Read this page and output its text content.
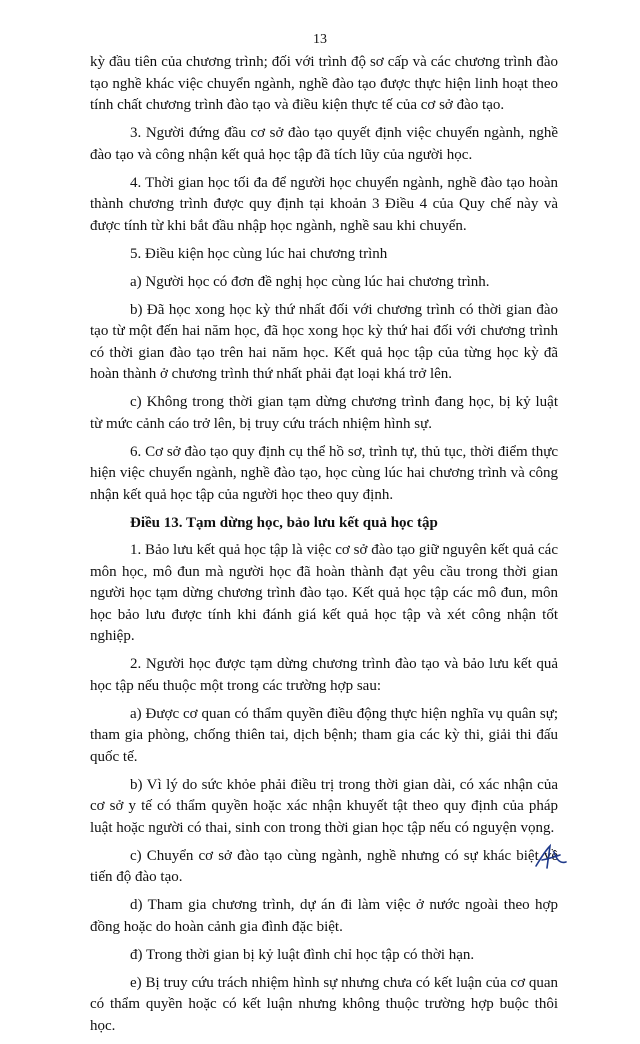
13

kỳ đầu tiên của chương trình; đối với trình độ sơ cấp và các chương trình đào tạo nghề khác việc chuyển ngành, nghề đào tạo được thực hiện linh hoạt theo tính chất chương trình đào tạo và điều kiện thực tế của cơ sở đào tạo.

3. Người đứng đầu cơ sở đào tạo quyết định việc chuyển ngành, nghề đào tạo và công nhận kết quả học tập đã tích lũy của người học.

4. Thời gian học tối đa để người học chuyển ngành, nghề đào tạo hoàn thành chương trình được quy định tại khoản 3 Điều 4 của Quy chế này và được tính từ khi bắt đầu nhập học ngành, nghề sau khi chuyển.

5. Điều kiện học cùng lúc hai chương trình

a) Người học có đơn đề nghị học cùng lúc hai chương trình.

b) Đã học xong học kỳ thứ nhất đối với chương trình có thời gian đào tạo từ một đến hai năm học, đã học xong học kỳ thứ hai đối với chương trình có thời gian đào tạo trên hai năm học. Kết quả học tập của từng học kỳ đã hoàn thành ở chương trình thứ nhất phải đạt loại khá trở lên.

c) Không trong thời gian tạm dừng chương trình đang học, bị kỷ luật từ mức cảnh cáo trở lên, bị truy cứu trách nhiệm hình sự.

6. Cơ sở đào tạo quy định cụ thể hồ sơ, trình tự, thủ tục, thời điểm thực hiện việc chuyển ngành, nghề đào tạo, học cùng lúc hai chương trình và công nhận kết quả học tập của người học theo quy định.

Điều 13. Tạm dừng học, bảo lưu kết quả học tập

1. Bảo lưu kết quả học tập là việc cơ sở đào tạo giữ nguyên kết quả các môn học, mô đun mà người học đã hoàn thành đạt yêu cầu trong thời gian người học tạm dừng chương trình đào tạo. Kết quả học tập các mô đun, môn học bảo lưu được tính khi đánh giá kết quả học tập và xét công nhận tốt nghiệp.

2. Người học được tạm dừng chương trình đào tạo và bảo lưu kết quả học tập nếu thuộc một trong các trường hợp sau:

a) Được cơ quan có thẩm quyền điều động thực hiện nghĩa vụ quân sự; tham gia phòng, chống thiên tai, dịch bệnh; tham gia các kỳ thi, giải thi đấu quốc tế.

b) Vì lý do sức khỏe phải điều trị trong thời gian dài, có xác nhận của cơ sở y tế có thẩm quyền hoặc xác nhận khuyết tật theo quy định của pháp luật hoặc người có thai, sinh con trong thời gian học tập nếu có nguyện vọng.

c) Chuyển cơ sở đào tạo cùng ngành, nghề nhưng có sự khác biệt về tiến độ đào tạo.

d) Tham gia chương trình, dự án đi làm việc ở nước ngoài theo hợp đồng hoặc do hoàn cảnh gia đình đặc biệt.

đ) Trong thời gian bị kỷ luật đình chỉ học tập có thời hạn.

e) Bị truy cứu trách nhiệm hình sự nhưng chưa có kết luận của cơ quan có thẩm quyền hoặc có kết luận nhưng không thuộc trường hợp buộc thôi học.
